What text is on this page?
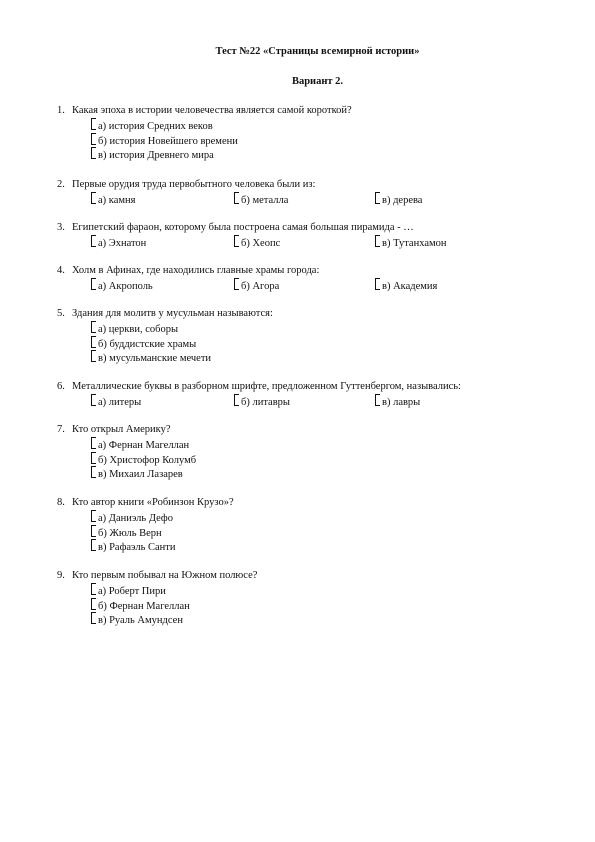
Тест №22 «Страницы всемирной истории»
Вариант 2.
1. Какая эпоха в истории человечества является самой короткой?
а) история Средних веков
б) история Новейшего времени
в) история Древнего мира
2. Первые орудия труда первобытного человека были из:
а) камня	б) металла	в) дерева
3. Египетский фараон, которому была построена самая большая пирамида - …
а) Эхнатон	б) Хеопс	в) Тутанхамон
4. Холм в Афинах, где находились главные храмы города:
а) Акрополь	б) Агора	в) Академия
5. Здания для молитв у мусульман называются:
а) церкви, соборы
б) буддистские храмы
в) мусульманские мечети
6. Металлические буквы в разборном шрифте, предложенном Гуттенбергом, назывались:
а) литеры	б) литавры	в) лавры
7. Кто открыл Америку?
а) Фернан Магеллан
б) Христофор Колумб
в) Михаил Лазарев
8. Кто автор книги «Робинзон Крузо»?
а) Даниэль Дефо
б) Жюль Верн
в) Рафаэль Санти
9. Кто первым побывал на Южном полюсе?
а) Роберт Пири
б) Фернан Магеллан
в) Руаль Амундсен
